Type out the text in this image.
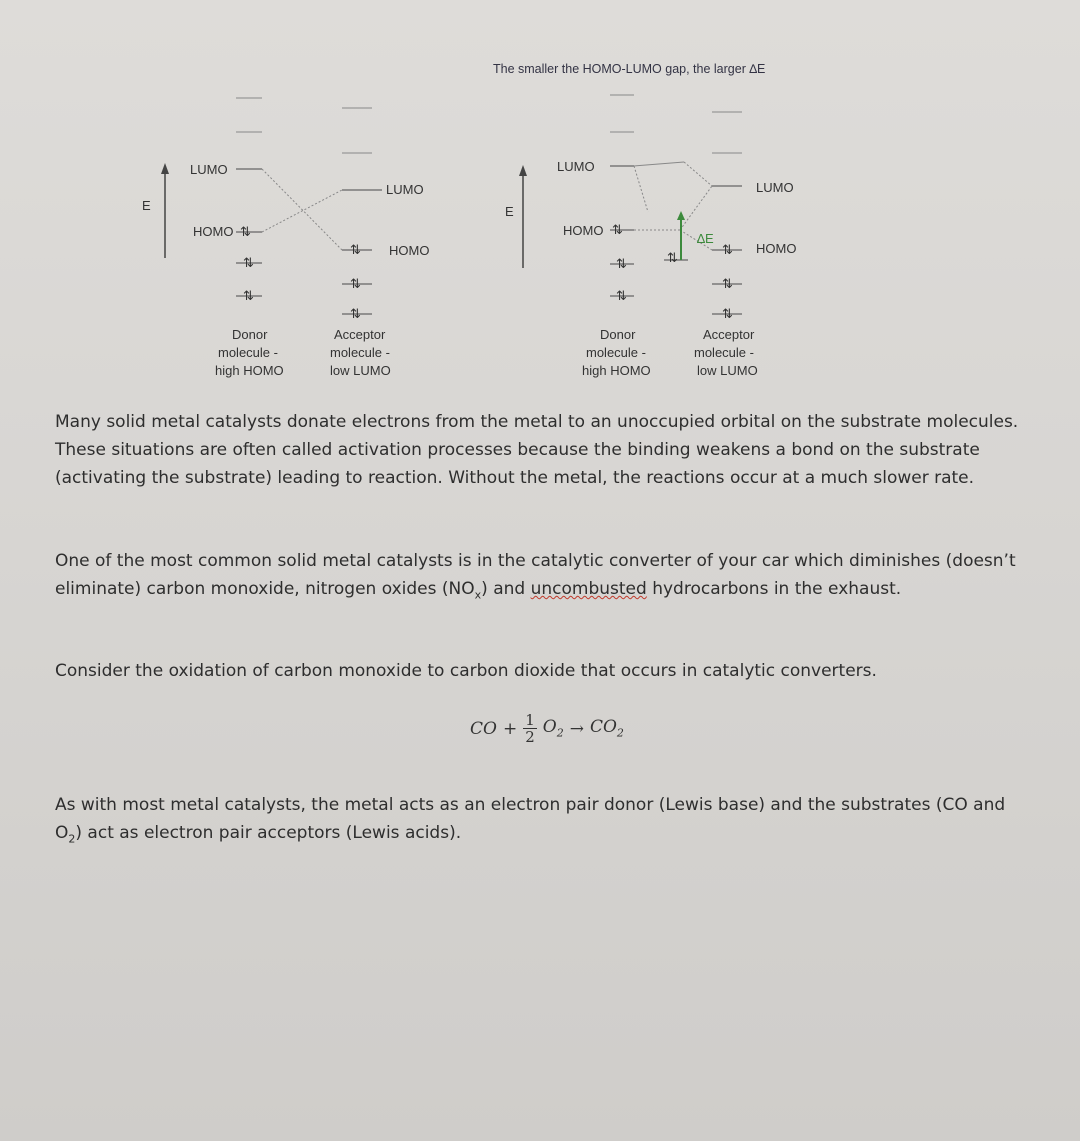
The smaller the HOMO-LUMO gap, the larger ∆E
E
LUMO
HOMO ⇅
⇅
⇅
LUMO
⇅ HOMO
⇅
⇅
Donor
molecule -
high HOMO
Acceptor
molecule -
low LUMO
E
LUMO
HOMO ⇅
⇅
⇅
LUMO
⇅ HOMO
⇅
⇅
⇅
∆E
Donor
molecule -
high HOMO
Acceptor
molecule -
low LUMO

Many solid metal catalysts donate electrons from the metal to an unoccupied orbital on the substrate molecules. These situations are often called activation processes because the binding weakens a bond on the substrate (activating the substrate) leading to reaction. Without the metal, the reactions occur at a much slower rate.

One of the most common solid metal catalysts is in the catalytic converter of your car which diminishes (doesn’t eliminate) carbon monoxide, nitrogen oxides $(NO_x)$ and uncombusted hydrocarbons in the exhaust.

Consider the oxidation of carbon monoxide to carbon dioxide that occurs in catalytic converters.

CO + $\frac{1}{2} O_2 \to CO_2$

As with most metal catalysts, the metal acts as an electron pair donor (Lewis base) and the substrates (CO and $O_2$) act as electron pair acceptors (Lewis acids).
